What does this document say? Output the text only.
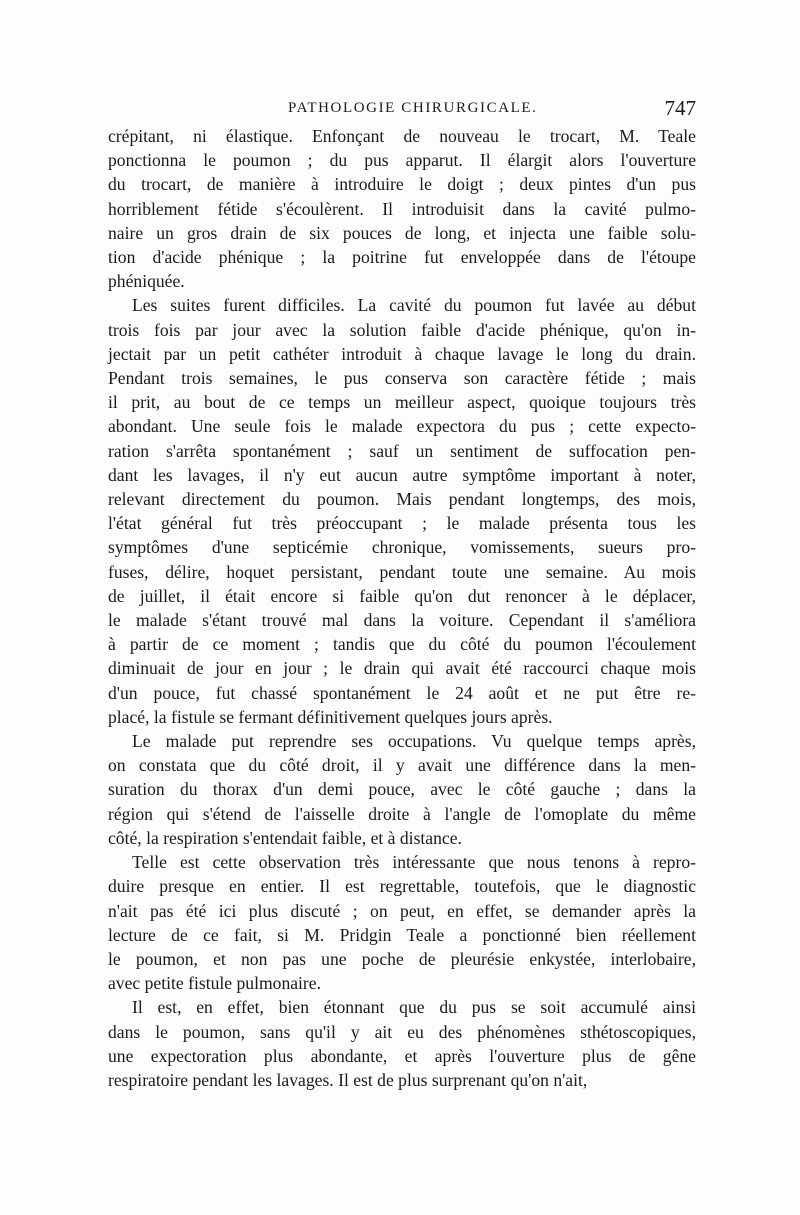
PATHOLOGIE CHIRURGICALE.	747
crépitant, ni élastique. Enfonçant de nouveau le trocart, M. Teale
ponctionna le poumon ; du pus apparut. Il élargit alors l'ouverture
du trocart, de manière à introduire le doigt ; deux pintes d'un pus
horriblement fétide s'écoulèrent. Il introduisit dans la cavité pulmo-
naire un gros drain de six pouces de long, et injecta une faible solu-
tion d'acide phénique ; la poitrine fut enveloppée dans de l'étoupe
phéniquée.
Les suites furent difficiles. La cavité du poumon fut lavée au début
trois fois par jour avec la solution faible d'acide phénique, qu'on in-
jectait par un petit cathéter introduit à chaque lavage le long du drain.
Pendant trois semaines, le pus conserva son caractère fétide ; mais
il prit, au bout de ce temps un meilleur aspect, quoique toujours très
abondant. Une seule fois le malade expectora du pus ; cette expecto-
ration s'arrêta spontanément ; sauf un sentiment de suffocation pen-
dant les lavages, il n'y eut aucun autre symptôme important à noter,
relevant directement du poumon. Mais pendant longtemps, des mois,
l'état général fut très préoccupant ; le malade présenta tous les
symptômes d'une septicémie chronique, vomissements, sueurs pro-
fuses, délire, hoquet persistant, pendant toute une semaine. Au mois
de juillet, il était encore si faible qu'on dut renoncer à le déplacer,
le malade s'étant trouvé mal dans la voiture. Cependant il s'améliora
à partir de ce moment ; tandis que du côté du poumon l'écoulement
diminuait de jour en jour ; le drain qui avait été raccourci chaque mois
d'un pouce, fut chassé spontanément le 24 août et ne put être re-
placé, la fistule se fermant définitivement quelques jours après.
Le malade put reprendre ses occupations. Vu quelque temps après,
on constata que du côté droit, il y avait une différence dans la men-
suration du thorax d'un demi pouce, avec le côté gauche ; dans la
région qui s'étend de l'aisselle droite à l'angle de l'omoplate du même
côté, la respiration s'entendait faible, et à distance.
Telle est cette observation très intéressante que nous tenons à repro-
duire presque en entier. Il est regrettable, toutefois, que le diagnostic
n'ait pas été ici plus discuté ; on peut, en effet, se demander après la
lecture de ce fait, si M. Pridgin Teale a ponctionné bien réellement
le poumon, et non pas une poche de pleurésie enkystée, interlobaire,
avec petite fistule pulmonaire.
Il est, en effet, bien étonnant que du pus se soit accumulé ainsi
dans le poumon, sans qu'il y ait eu des phénomènes sthétoscopiques,
une expectoration plus abondante, et après l'ouverture plus de gêne
respiratoire pendant les lavages. Il est de plus surprenant qu'on n'ait,
